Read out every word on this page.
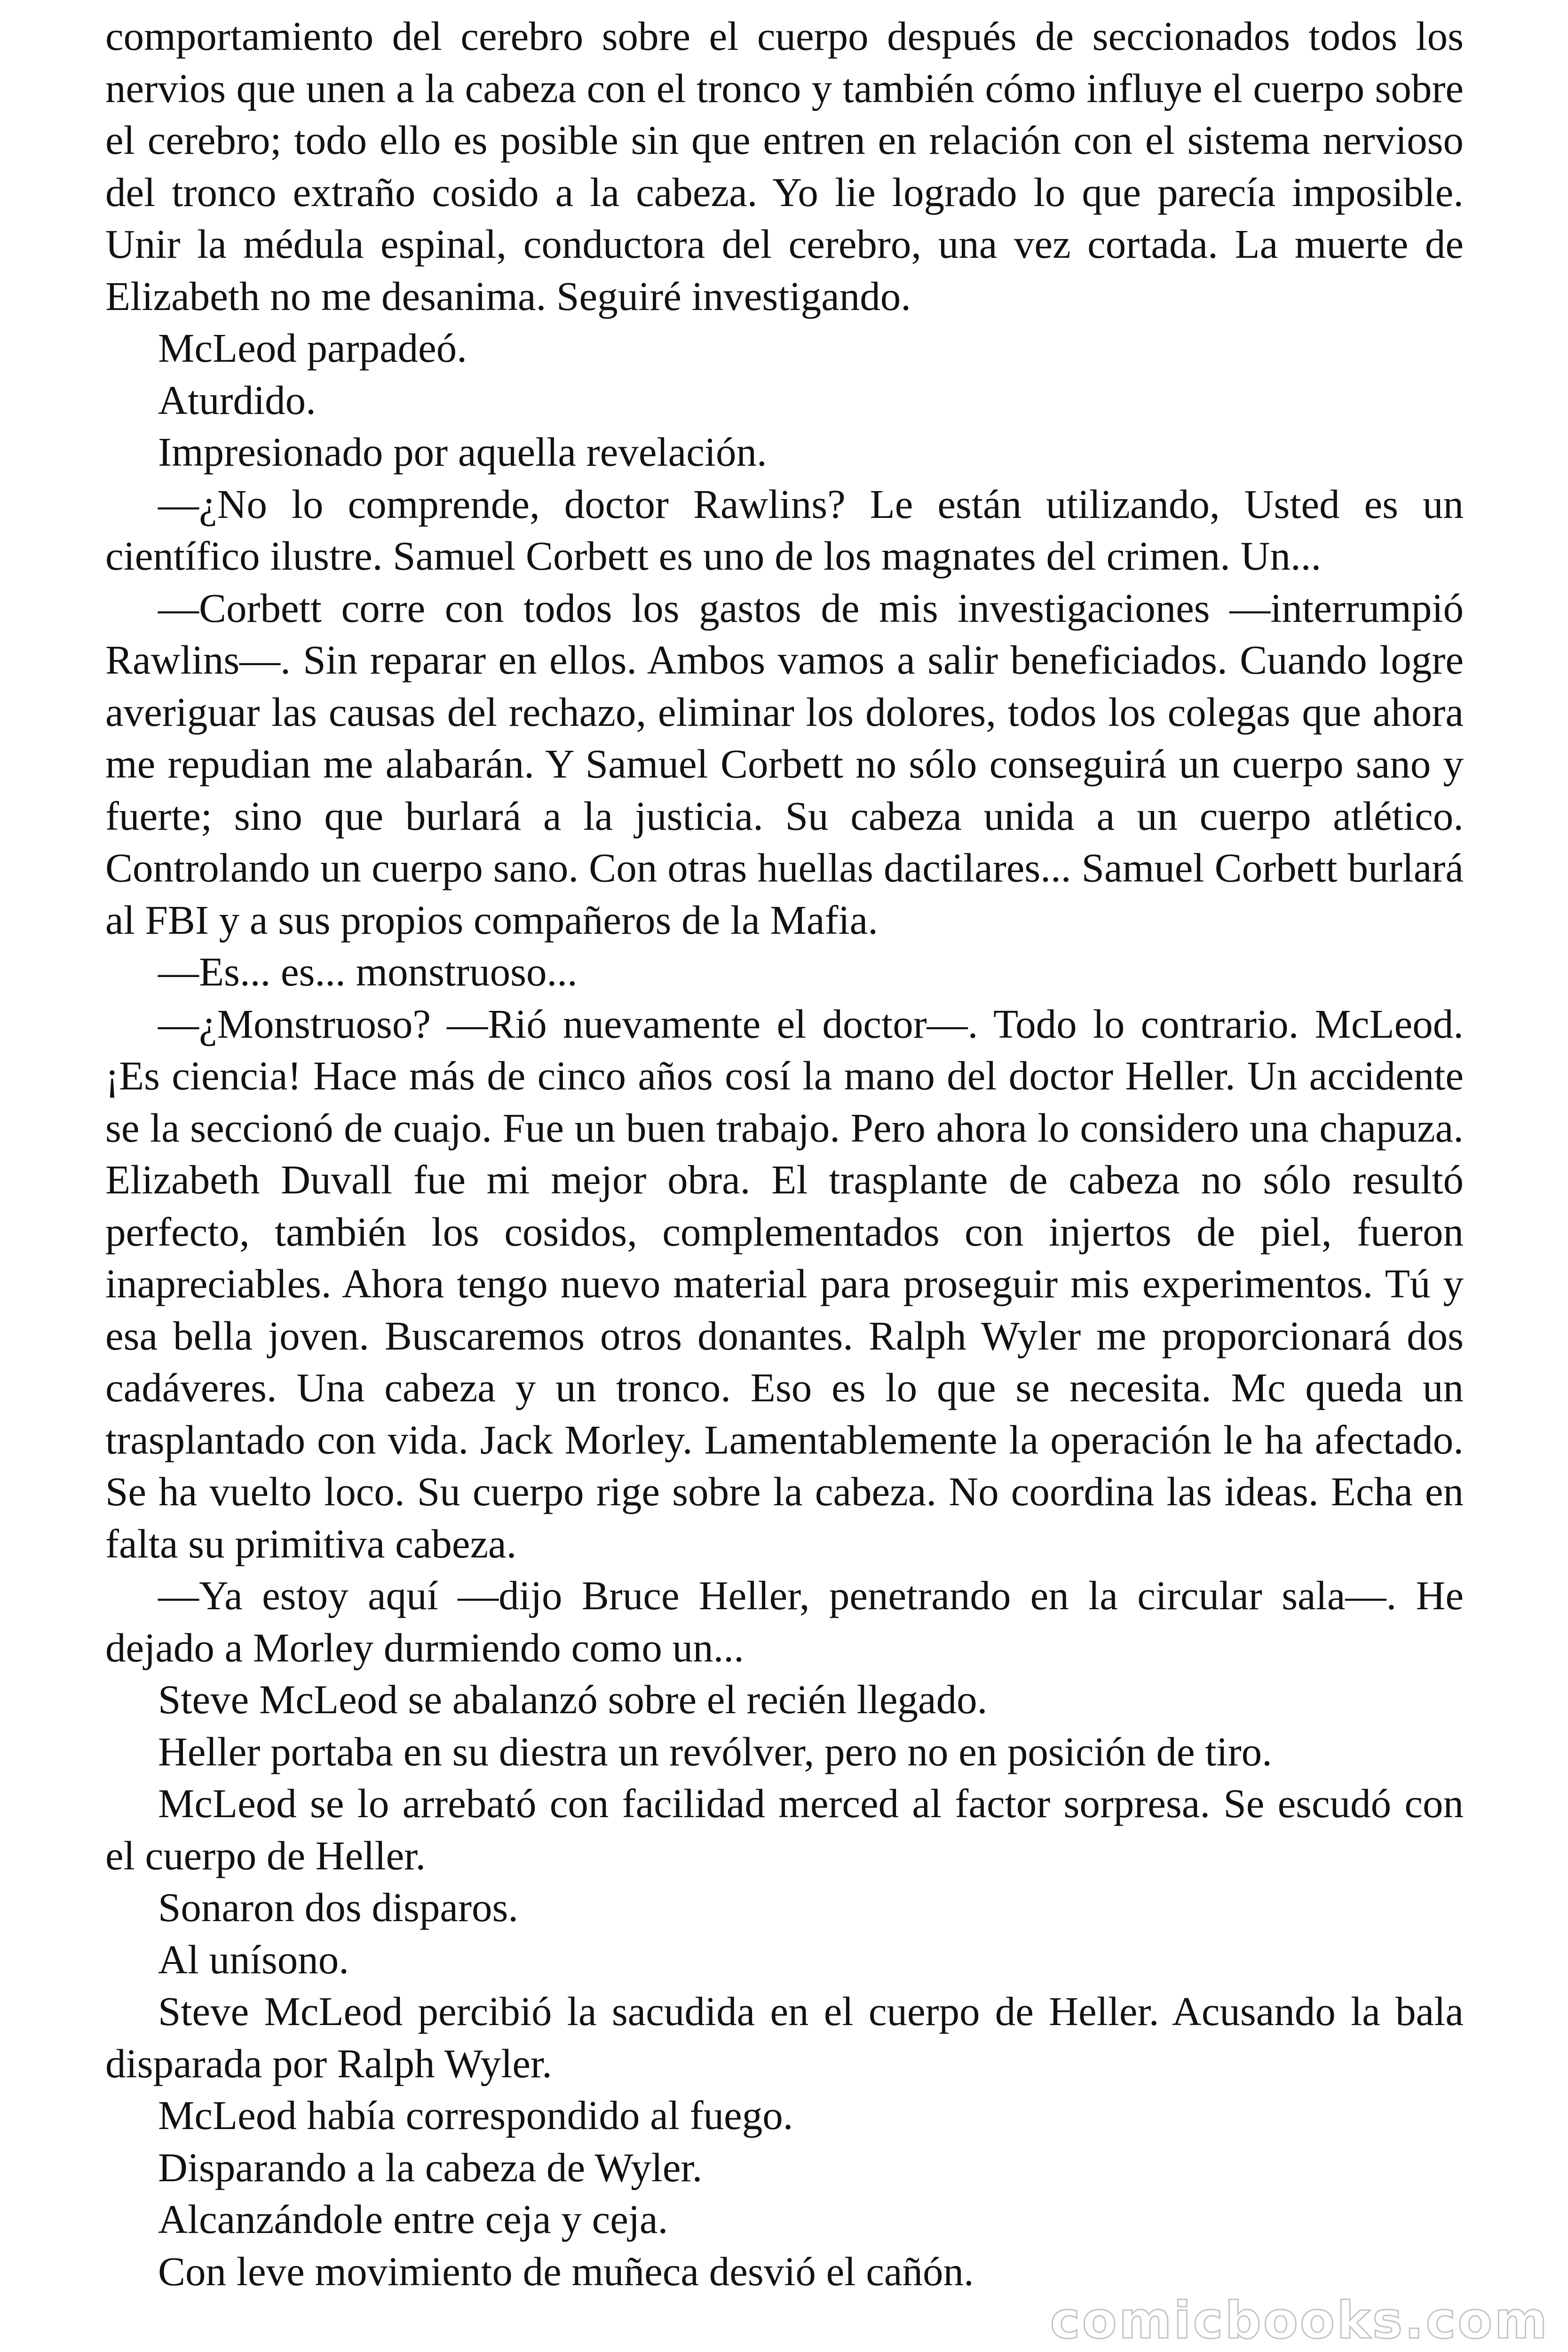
comportamiento del cerebro sobre el cuerpo después de seccionados todos los nervios que unen a la cabeza con el tronco y también cómo influye el cuerpo sobre el cerebro; todo ello es posible sin que entren en relación con el sistema nervioso del tronco extraño cosido a la cabeza. Yo lie logrado lo que parecía imposible. Unir la médula espinal, conductora del cerebro, una vez cortada. La muerte de Elizabeth no me desanima. Seguiré investigando.

McLeod parpadeó.

Aturdido.

Impresionado por aquella revelación.

—¿No lo comprende, doctor Rawlins? Le están utilizando, Usted es un científico ilustre. Samuel Corbett es uno de los magnates del crimen. Un...

—Corbett corre con todos los gastos de mis investigaciones —interrumpió Rawlins—. Sin reparar en ellos. Ambos vamos a salir beneficiados. Cuando logre averiguar las causas del rechazo, eliminar los dolores, todos los colegas que ahora me repudian me alabarán. Y Samuel Corbett no sólo conseguirá un cuerpo sano y fuerte; sino que burlará a la justicia. Su cabeza unida a un cuerpo atlético. Controlando un cuerpo sano. Con otras huellas dactilares... Samuel Corbett burlará al FBI y a sus propios compañeros de la Mafia.

—Es... es... monstruoso...

—¿Monstruoso? —Rió nuevamente el doctor—. Todo lo contrario. McLeod. ¡Es ciencia! Hace más de cinco años cosí la mano del doctor Heller. Un accidente se la seccionó de cuajo. Fue un buen trabajo. Pero ahora lo considero una chapuza. Elizabeth Duvall fue mi mejor obra. El trasplante de cabeza no sólo resultó perfecto, también los cosidos, complementados con injertos de piel, fueron inapreciables. Ahora tengo nuevo material para proseguir mis experimentos. Tú y esa bella joven. Buscaremos otros donantes. Ralph Wyler me proporcionará dos cadáveres. Una cabeza y un tronco. Eso es lo que se necesita. Mc queda un trasplantado con vida. Jack Morley. Lamentablemente la operación le ha afectado. Se ha vuelto loco. Su cuerpo rige sobre la cabeza. No coordina las ideas. Echa en falta su primitiva cabeza.

—Ya estoy aquí —dijo Bruce Heller, penetrando en la circular sala—. He dejado a Morley durmiendo como un...

Steve McLeod se abalanzó sobre el recién llegado.

Heller portaba en su diestra un revólver, pero no en posición de tiro.

McLeod se lo arrebató con facilidad merced al factor sorpresa. Se escudó con el cuerpo de Heller.

Sonaron dos disparos.

Al unísono.

Steve McLeod percibió la sacudida en el cuerpo de Heller. Acusando la bala disparada por Ralph Wyler.

McLeod había correspondido al fuego.

Disparando a la cabeza de Wyler.

Alcanzándole entre ceja y ceja.

Con leve movimiento de muñeca desvió el cañón.

comicbooks.com
